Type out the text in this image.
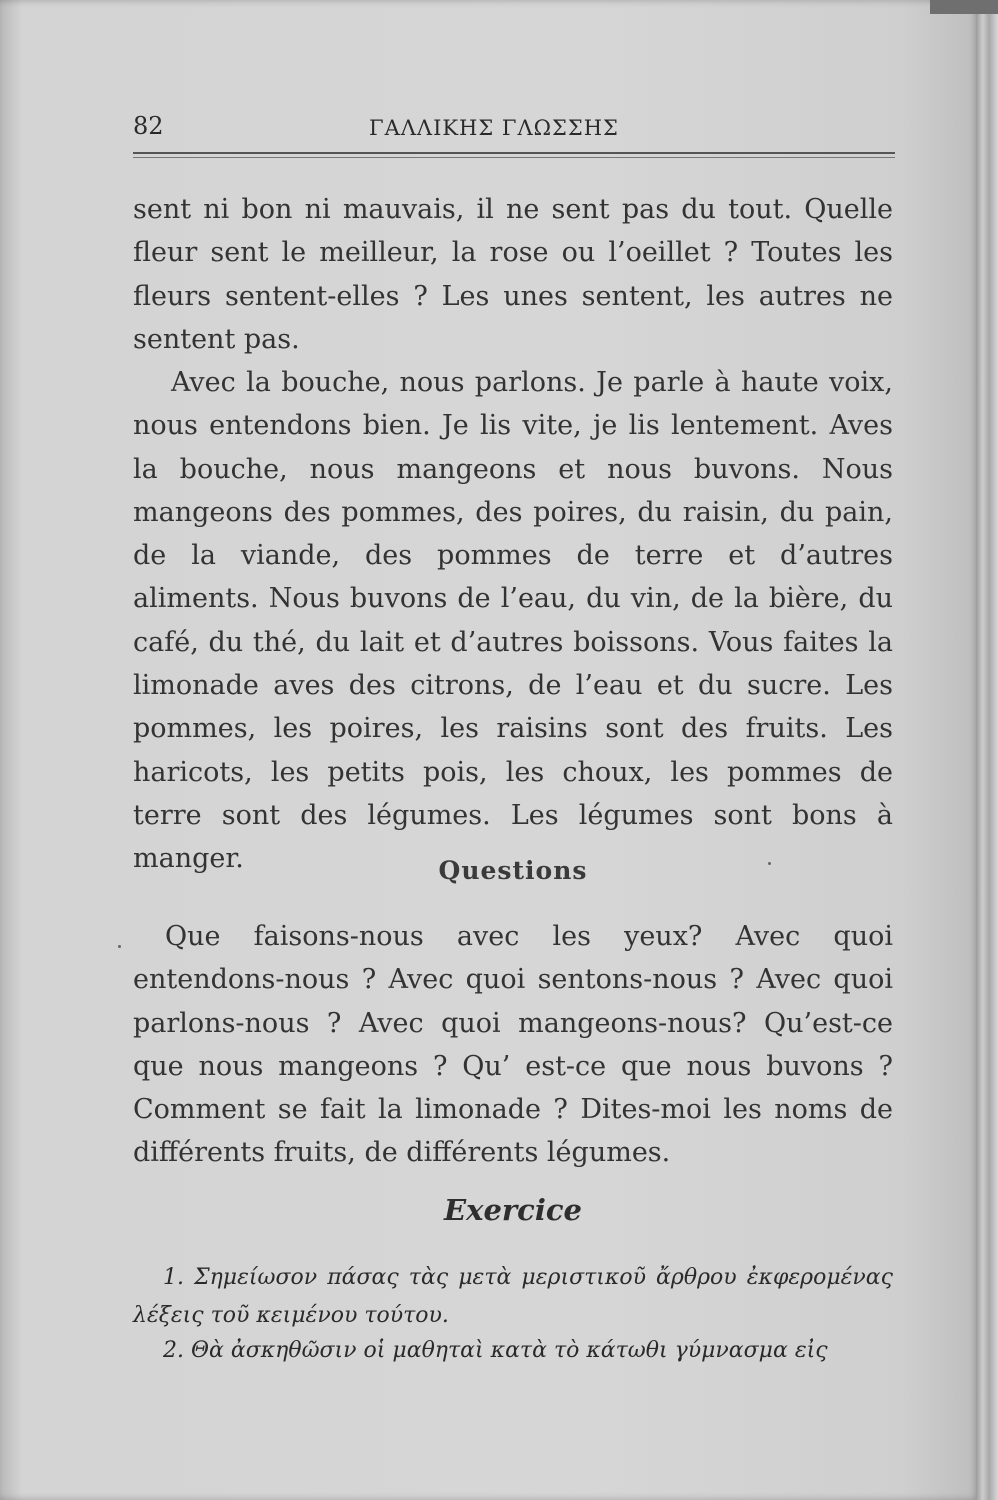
82	ΓΑΛΛΙΚΗΣ ΓΛΩΣΣΗΣ
sent ni bon ni mauvais, il ne sent pas du tout. Quelle fleur sent le meilleur, la rose ou l’oeillet ? Toutes les fleurs sentent-elles ? Les unes sentent, les autres ne sentent pas.
Avec la bouche, nous parlons. Je parle à haute voix, nous entendons bien. Je lis vite, je lis lentement. Aves la bouche, nous mangeons et nous buvons. Nous mangeons des pommes, des poires, du raisin, du pain, de la viande, des pommes de terre et d’autres aliments. Nous buvons de l’eau, du vin, de la bière, du café, du thé, du lait et d’autres boissons. Vous faites la limonade aves des citrons, de l’eau et du sucre. Les pommes, les poires, les raisins sont des fruits. Les haricots, les petits pois, les choux, les pommes de terre sont des légumes. Les légumes sont bons à manger.	Questions
Que faisons-nous avec les yeux? Avec quoi entendons-nous ? Avec quoi sentons-nous ? Avec quoi parlons-nous ? Avec quoi mangeons-nous? Qu’est-ce que nous mangeons ? Qu’ est-ce que nous buvons ? Comment se fait la limonade ? Dites-moi les noms de différents fruits, de différents légumes.
Exercice
1. Σημείωσον πάσας τὰς μετὰ μεριστικοῦ ἄρθρου ἐκφερομένας λέξεις τοῦ κειμένου τούτου.
2. Θὰ ἀσκηθῶσιν οἱ μαθηταὶ κατὰ τὸ κάτωθι γύμνασμα εἰς
